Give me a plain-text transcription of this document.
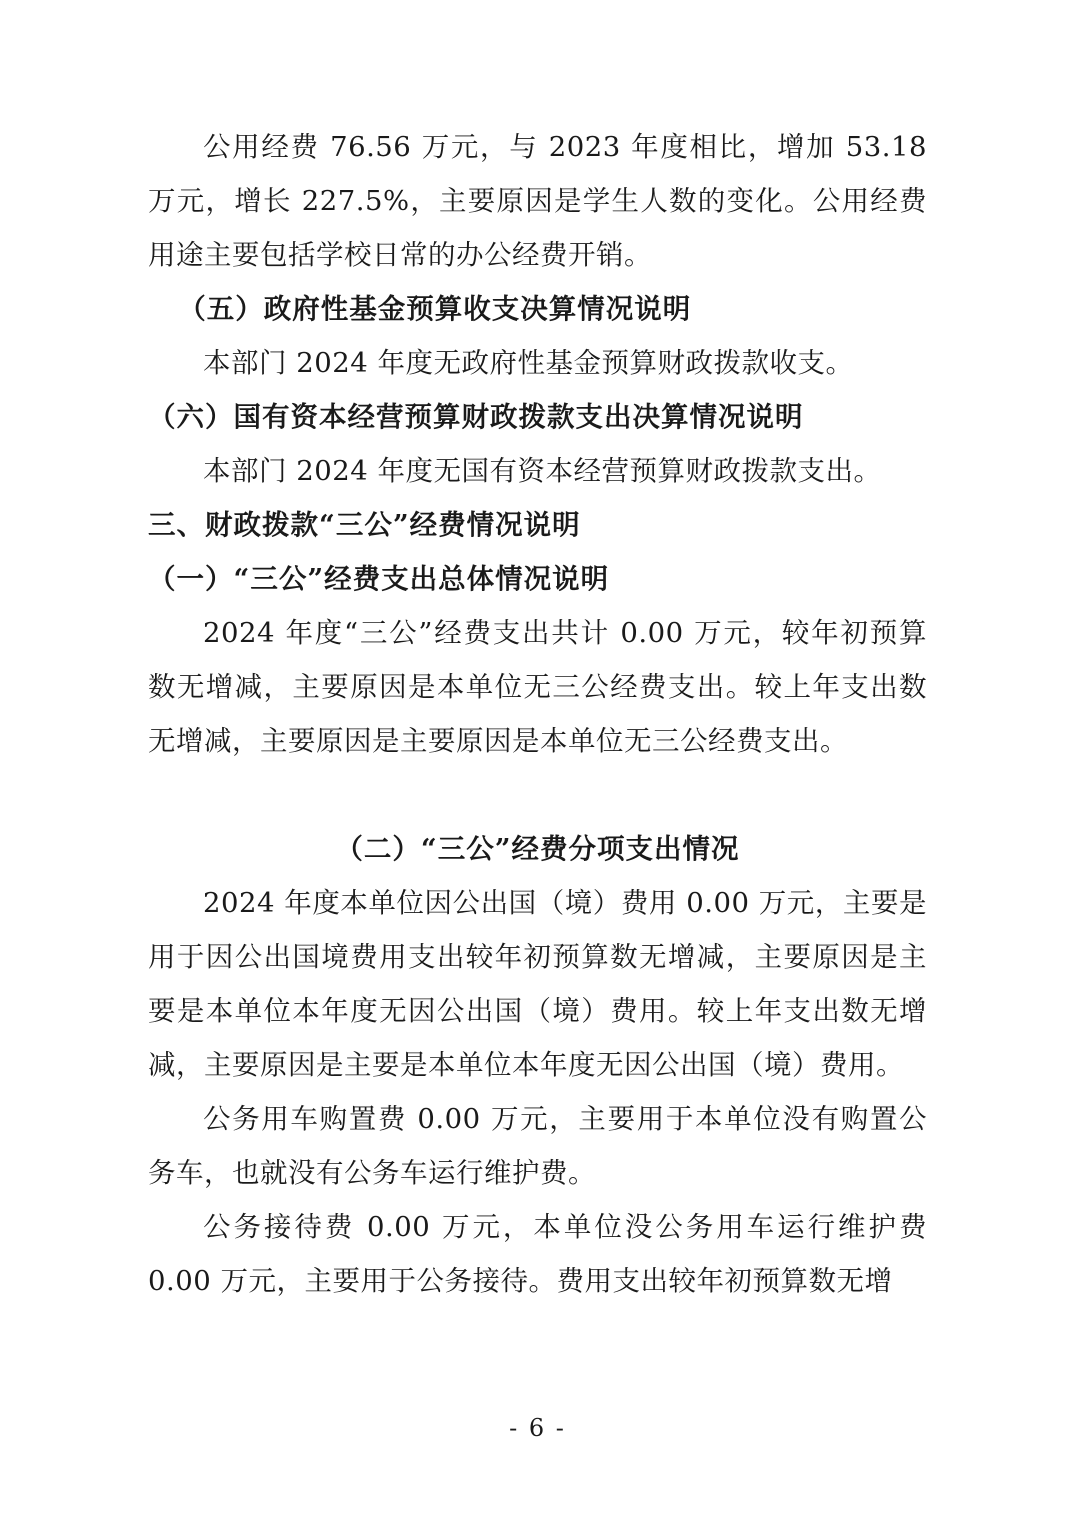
公用经费 76.56 万元，与 2023 年度相比，增加 53.18 万元，增长 227.5%，主要原因是学生人数的变化。公用经费用途主要包括学校日常的办公经费开销。

（五）政府性基金预算收支决算情况说明

本部门 2024 年度无政府性基金预算财政拨款收支。

（六）国有资本经营预算财政拨款支出决算情况说明

本部门 2024 年度无国有资本经营预算财政拨款支出。

三、财政拨款“三公”经费情况说明

（一）“三公”经费支出总体情况说明

2024 年度“三公”经费支出共计 0.00 万元，较年初预算数无增减，主要原因是本单位无三公经费支出。较上年支出数无增减，主要原因是主要原因是本单位无三公经费支出。

（二）“三公”经费分项支出情况

2024 年度本单位因公出国（境）费用 0.00 万元，主要是用于因公出国境费用支出较年初预算数无增减，主要原因是主要是本单位本年度无因公出国（境）费用。较上年支出数无增减，主要原因是主要是本单位本年度无因公出国（境）费用。

公务用车购置费 0.00 万元，主要用于本单位没有购置公务车，也就没有公务车运行维护费。

公务接待费 0.00 万元，本单位没公务用车运行维护费 0.00 万元，主要用于公务接待。费用支出较年初预算数无增

- 6 -
